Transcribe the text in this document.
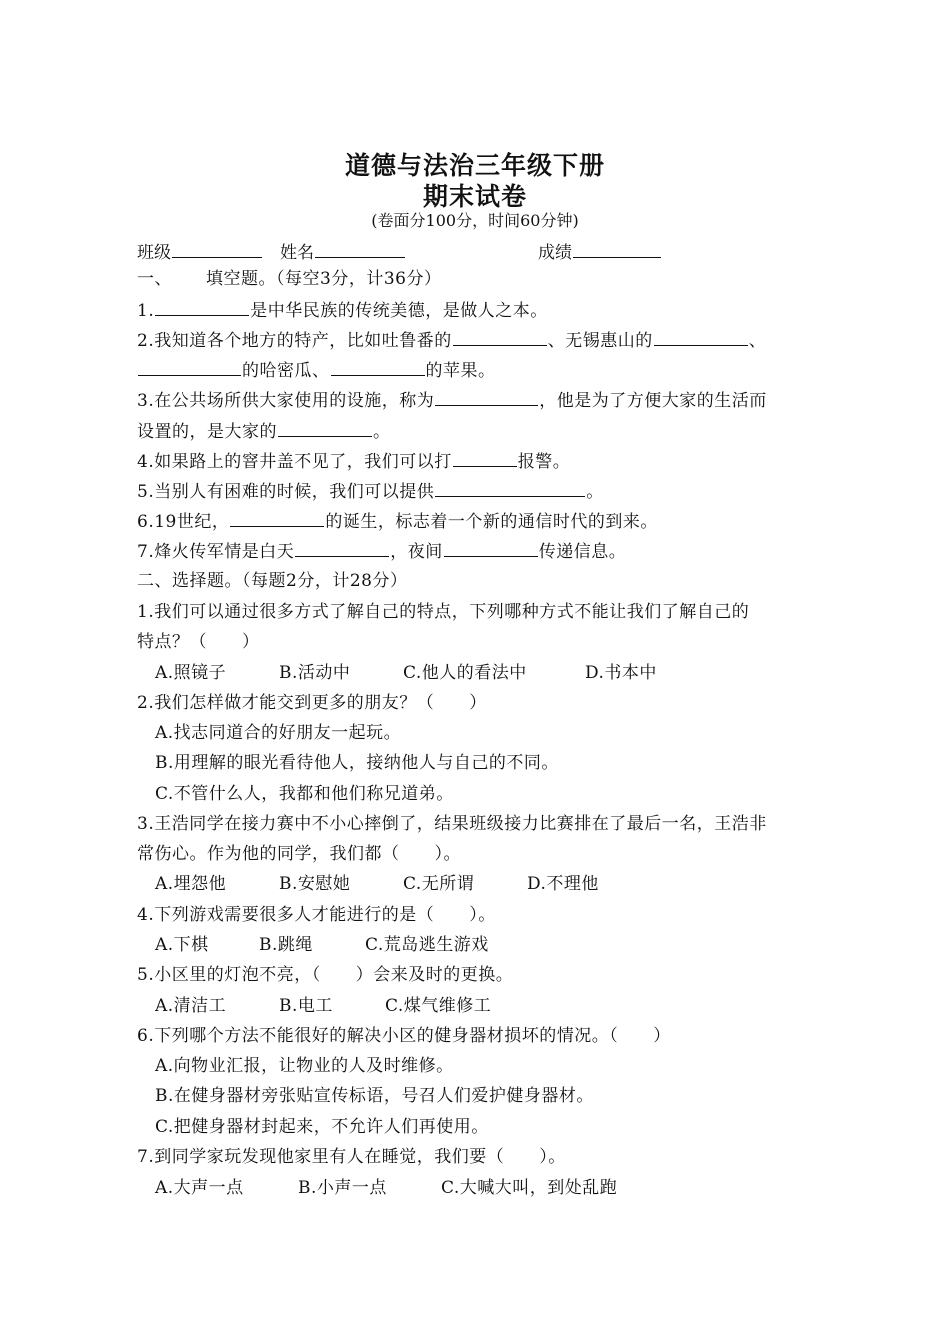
道德与法治三年级下册
期末试卷
(卷面分100分，时间60分钟)
班级	姓名	成绩
一、 填空题。（每空3分，计36分）
1.	是中华民族的传统美德，是做人之本。
2.我知道各个地方的特产，比如吐鲁番的	、无锡惠山的	、
的哈密瓜、	的苹果。
3.在公共场所供大家使用的设施，称为	，他是为了方便大家的生活而
设置的，是大家的	。
4.如果路上的窨井盖不见了，我们可以打	报警。
5.当别人有困难的时候，我们可以提供	。
6.19世纪，	的诞生，标志着一个新的通信时代的到来。
7.烽火传军情是白天	，夜间	传递信息。
二、选择题。（每题2分，计28分）
1.我们可以通过很多方式了解自己的特点，下列哪种方式不能让我们了解自己的
特点？（　　）
A.照镜子	B.活动中	C.他人的看法中	D.书本中
2.我们怎样做才能交到更多的朋友？（　　）
A.找志同道合的好朋友一起玩。
B.用理解的眼光看待他人，接纳他人与自己的不同。
C.不管什么人，我都和他们称兄道弟。
3.王浩同学在接力赛中不小心摔倒了，结果班级接力比赛排在了最后一名，王浩非
常伤心。作为他的同学，我们都（　　）。
A.埋怨他	B.安慰她	C.无所谓	D.不理他
4.下列游戏需要很多人才能进行的是（　　）。
A.下棋	B.跳绳	C.荒岛逃生游戏
5.小区里的灯泡不亮，（　　）会来及时的更换。
A.清洁工	B.电工	C.煤气维修工
6.下列哪个方法不能很好的解决小区的健身器材损坏的情况。（　　）
A.向物业汇报，让物业的人及时维修。
B.在健身器材旁张贴宣传标语，号召人们爱护健身器材。
C.把健身器材封起来，不允许人们再使用。
7.到同学家玩发现他家里有人在睡觉，我们要（　　）。
A.大声一点	B.小声一点	C.大喊大叫，到处乱跑
